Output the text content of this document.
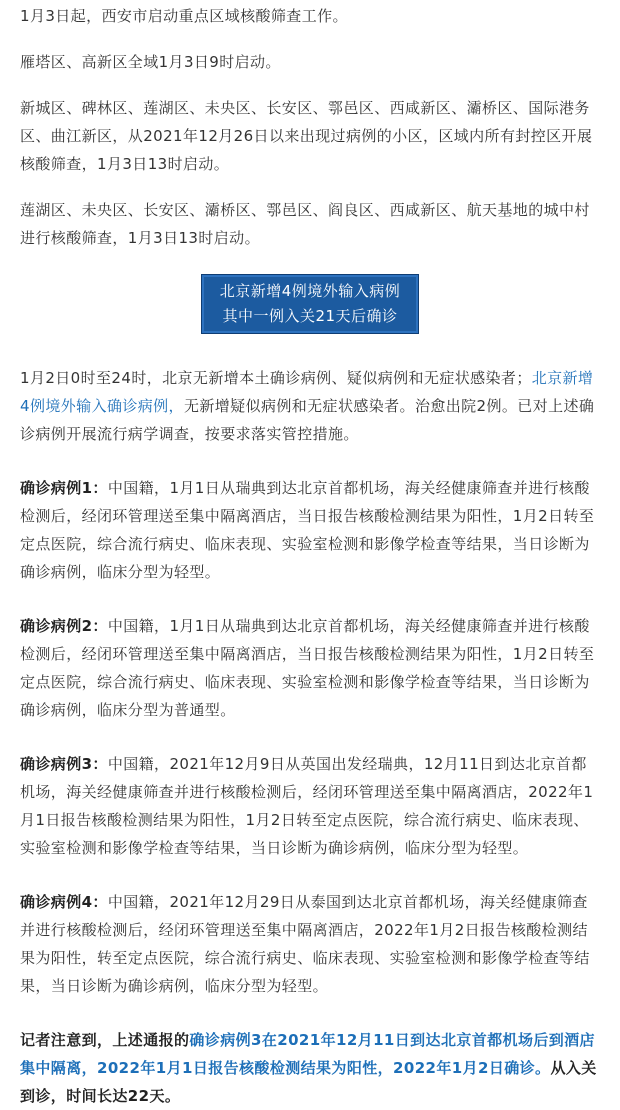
1月3日起，西安市启动重点区域核酸筛查工作。

雁塔区、高新区全域1月3日9时启动。

新城区、碑林区、莲湖区、未央区、长安区、鄠邑区、西咸新区、灞桥区、国际港务区、曲江新区，从2021年12月26日以来出现过病例的小区，区域内所有封控区开展核酸筛查，1月3日13时启动。

莲湖区、未央区、长安区、灞桥区、鄠邑区、阎良区、西咸新区、航天基地的城中村进行核酸筛查，1月3日13时启动。

北京新增4例境外输入病例
其中一例入关21天后确诊

1月2日0时至24时，北京无新增本土确诊病例、疑似病例和无症状感染者；北京新增4例境外输入确诊病例，无新增疑似病例和无症状感染者。治愈出院2例。已对上述确诊病例开展流行病学调查，按要求落实管控措施。

确诊病例1：中国籍，1月1日从瑞典到达北京首都机场，海关经健康筛查并进行核酸检测后，经闭环管理送至集中隔离酒店，当日报告核酸检测结果为阳性，1月2日转至定点医院，综合流行病史、临床表现、实验室检测和影像学检查等结果，当日诊断为确诊病例，临床分型为轻型。

确诊病例2：中国籍，1月1日从瑞典到达北京首都机场，海关经健康筛查并进行核酸检测后，经闭环管理送至集中隔离酒店，当日报告核酸检测结果为阳性，1月2日转至定点医院，综合流行病史、临床表现、实验室检测和影像学检查等结果，当日诊断为确诊病例，临床分型为普通型。

确诊病例3：中国籍，2021年12月9日从英国出发经瑞典，12月11日到达北京首都机场，海关经健康筛查并进行核酸检测后，经闭环管理送至集中隔离酒店，2022年1月1日报告核酸检测结果为阳性，1月2日转至定点医院，综合流行病史、临床表现、实验室检测和影像学检查等结果，当日诊断为确诊病例，临床分型为轻型。

确诊病例4：中国籍，2021年12月29日从泰国到达北京首都机场，海关经健康筛查并进行核酸检测后，经闭环管理送至集中隔离酒店，2022年1月2日报告核酸检测结果为阳性，转至定点医院，综合流行病史、临床表现、实验室检测和影像学检查等结果，当日诊断为确诊病例，临床分型为轻型。

记者注意到，上述通报的确诊病例3在2021年12月11日到达北京首都机场后到酒店集中隔离，2022年1月1日报告核酸检测结果为阳性，2022年1月2日确诊。从入关到诊，时间长达22天。
